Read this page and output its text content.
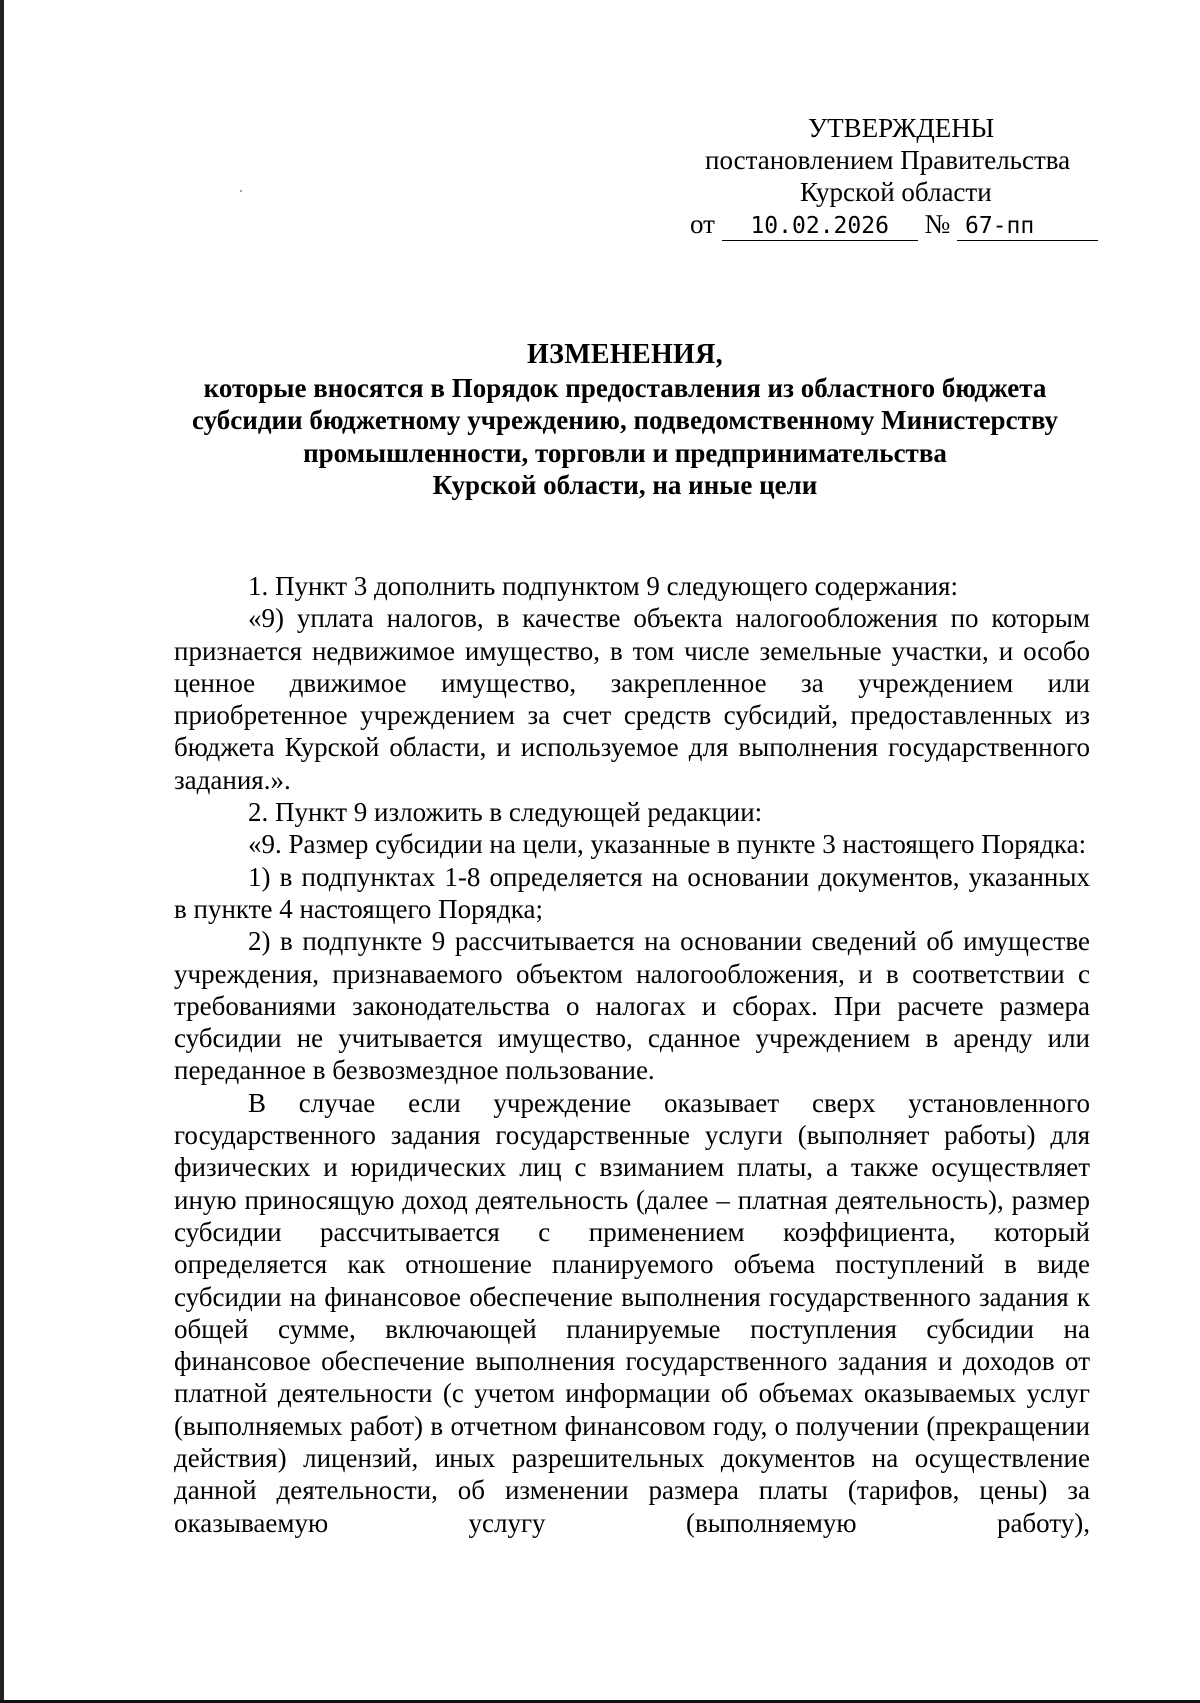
УТВЕРЖДЕНЫ
постановлением Правительства
Курской области
от 10.02.2026 № 67-пп
ИЗМЕНЕНИЯ,
которые вносятся в Порядок предоставления из областного бюджета
субсидии бюджетному учреждению, подведомственному Министерству
промышленности, торговли и предпринимательства
Курской области, на иные цели

1. Пункт 3 дополнить подпунктом 9 следующего содержания:

«9) уплата налогов, в качестве объекта налогообложения по которым признается недвижимое имущество, в том числе земельные участки, и особо ценное движимое имущество, закрепленное за учреждением или приобретенное учреждением за счет средств субсидий, предоставленных из бюджета Курской области, и используемое для выполнения государственного задания.».

2. Пункт 9 изложить в следующей редакции:

«9. Размер субсидии на цели, указанные в пункте 3 настоящего Порядка:

1) в подпунктах 1-8 определяется на основании документов, указанных в пункте 4 настоящего Порядка;

2) в подпункте 9 рассчитывается на основании сведений об имуществе учреждения, признаваемого объектом налогообложения, и в соответствии с требованиями законодательства о налогах и сборах. При расчете размера субсидии не учитывается имущество, сданное учреждением в аренду или переданное в безвозмездное пользование.

В случае если учреждение оказывает сверх установленного государственного задания государственные услуги (выполняет работы) для физических и юридических лиц с взиманием платы, а также осуществляет иную приносящую доход деятельность (далее – платная деятельность), размер субсидии рассчитывается с применением коэффициента, который определяется как отношение планируемого объема поступлений в виде субсидии на финансовое обеспечение выполнения государственного задания к общей сумме, включающей планируемые поступления субсидии на финансовое обеспечение выполнения государственного задания и доходов от платной деятельности (с учетом информации об объемах оказываемых услуг (выполняемых работ) в отчетном финансовом году, о получении (прекращении действия) лицензий, иных разрешительных документов на осуществление данной деятельности, об изменении размера платы (тарифов, цены) за оказываемую услугу (выполняемую работу),
